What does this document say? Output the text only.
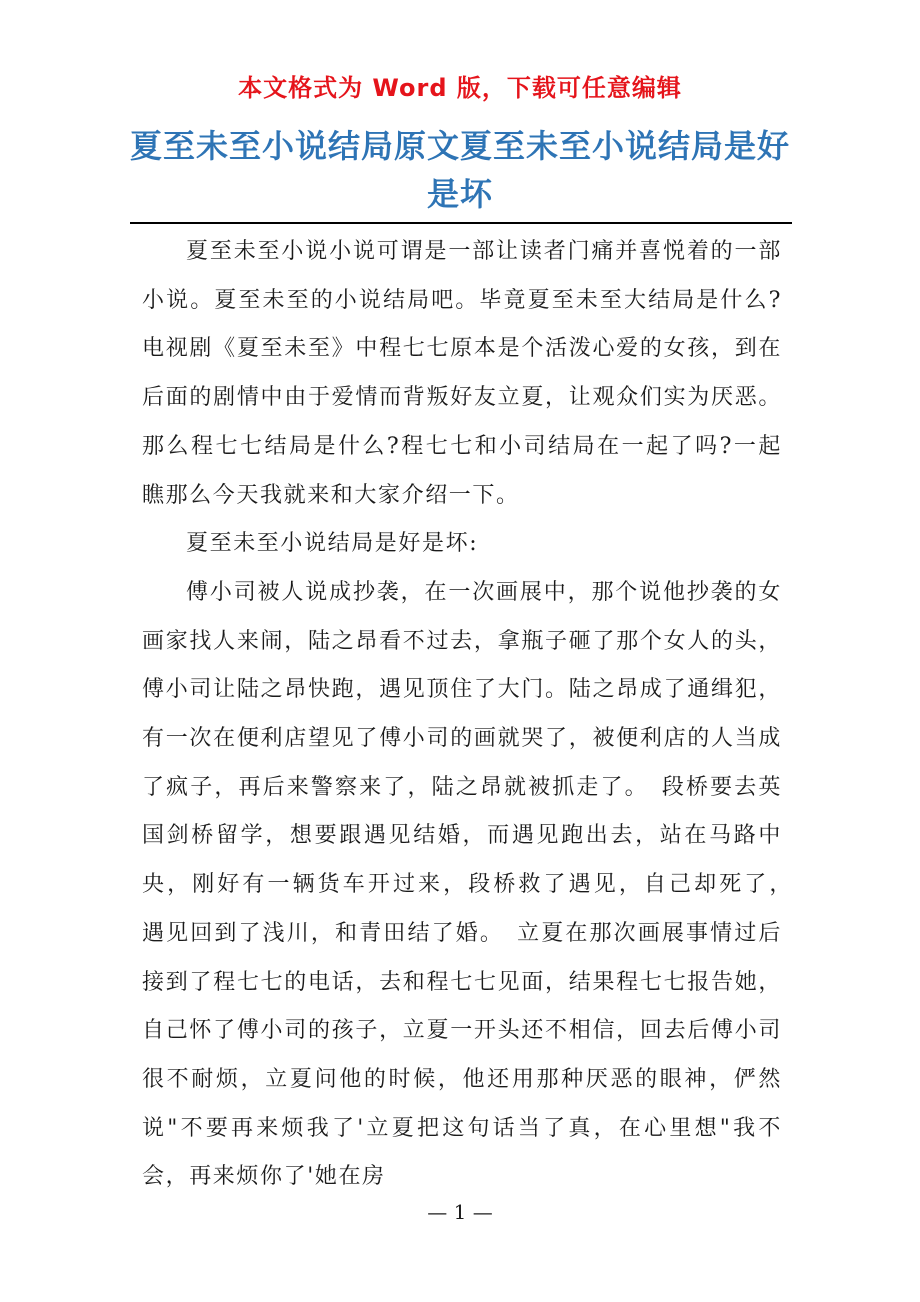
本文格式为 Word 版，下载可任意编辑
夏至未至小说结局原文夏至未至小说结局是好是坏

夏至未至小说小说可谓是一部让读者门痛并喜悦着的一部小说。夏至未至的小说结局吧。毕竟夏至未至大结局是什么?电视剧《夏至未至》中程七七原本是个活泼心爱的女孩，到在后面的剧情中由于爱情而背叛好友立夏，让观众们实为厌恶。那么程七七结局是什么?程七七和小司结局在一起了吗?一起瞧那么今天我就来和大家介绍一下。

夏至未至小说结局是好是坏:

傅小司被人说成抄袭，在一次画展中，那个说他抄袭的女画家找人来闹，陆之昂看不过去，拿瓶子砸了那个女人的头，傅小司让陆之昂快跑，遇见顶住了大门。陆之昂成了通缉犯，有一次在便利店望见了傅小司的画就哭了，被便利店的人当成了疯子，再后来警察来了，陆之昂就被抓走了。　段桥要去英国剑桥留学，想要跟遇见结婚，而遇见跑出去，站在马路中央，刚好有一辆货车开过来，段桥救了遇见，自己却死了，　遇见回到了浅川，和青田结了婚。　立夏在那次画展事情过后接到了程七七的电话，去和程七七见面，结果程七七报告她，自己怀了傅小司的孩子，立夏一开头还不相信，回去后傅小司很不耐烦，立夏问他的时候，他还用那种厌恶的眼神，俨然说"不要再来烦我了'立夏把这句话当了真，在心里想"我不会，再来烦你了'她在房

— 1 —
